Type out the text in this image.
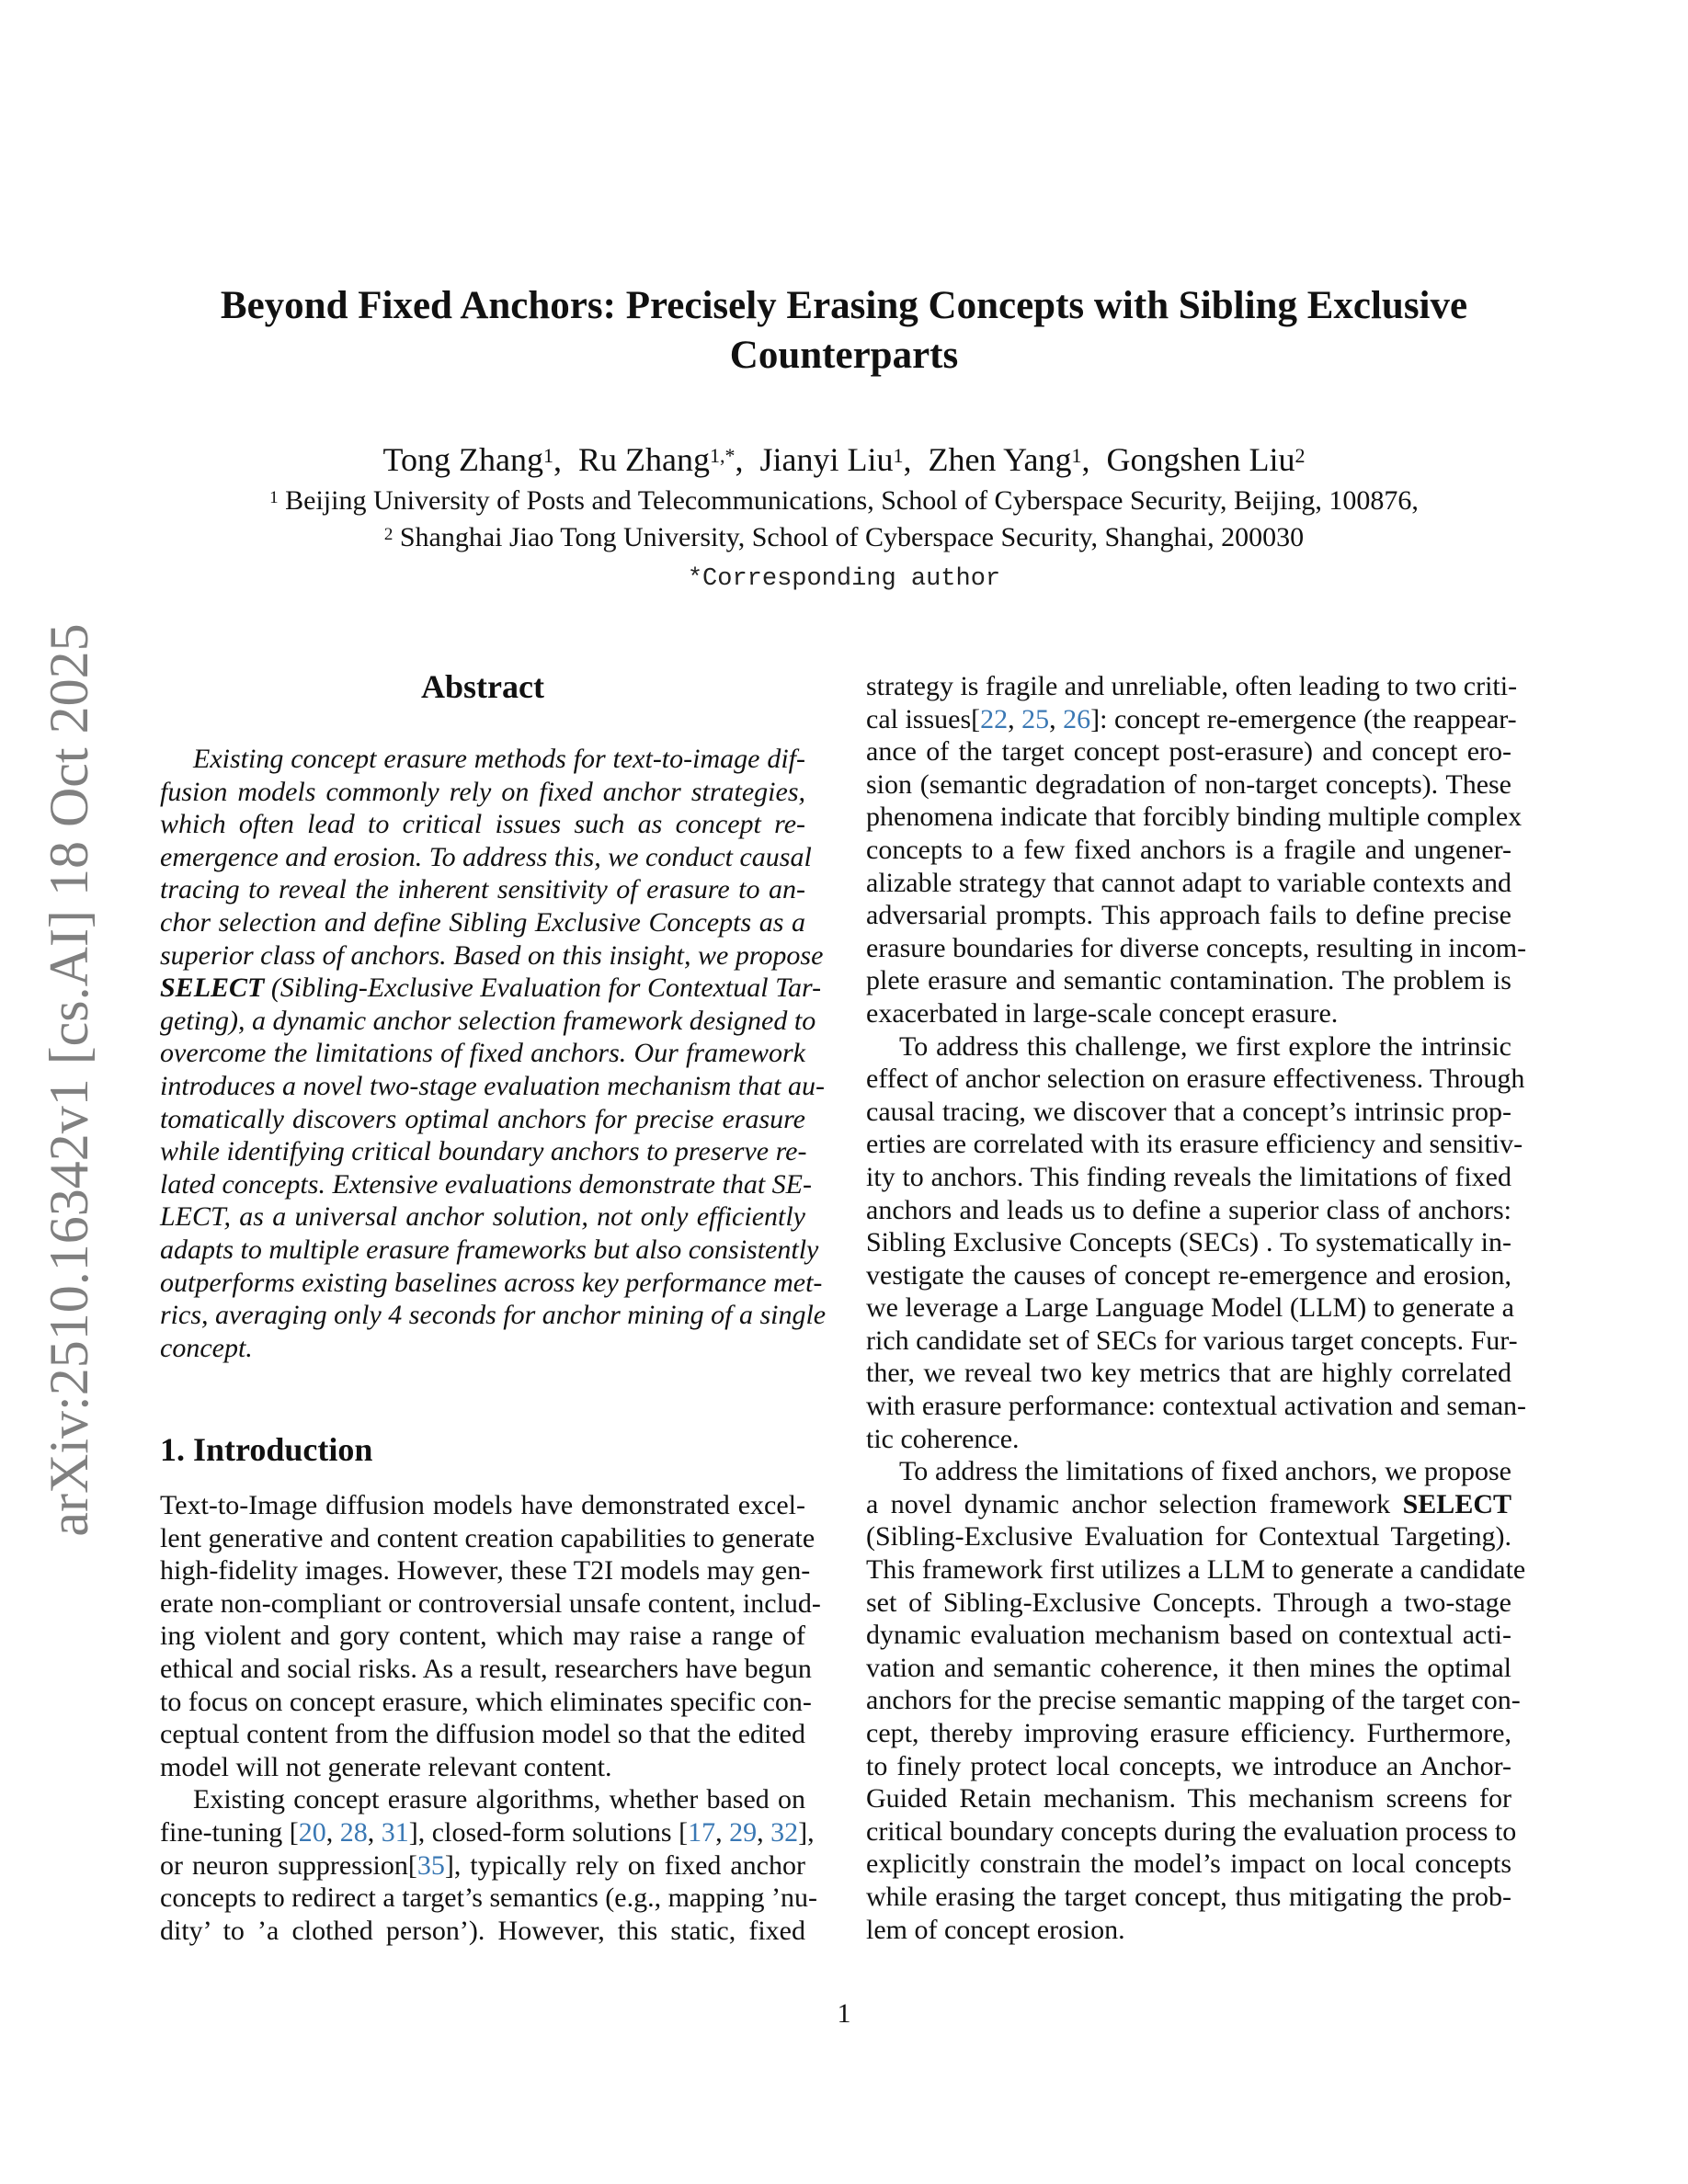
arXiv:2510.16342v1 [cs.AI] 18 Oct 2025
Beyond Fixed Anchors: Precisely Erasing Concepts with Sibling Exclusive
Counterparts
Tong Zhang$^1$,  Ru Zhang$^{1,*}$,  Jianyi Liu$^1$,  Zhen Yang$^1$,  Gongshen Liu$^2$
$^1$ Beijing University of Posts and Telecommunications, School of Cyberspace Security, Beijing, 100876,
$^2$ Shanghai Jiao Tong University, School of Cyberspace Security, Shanghai, 200030
*Corresponding author
Abstract
Existing concept erasure methods for text-to-image dif-
fusion models commonly rely on fixed anchor strategies,
which often lead to critical issues such as concept re-
emergence and erosion. To address this, we conduct causal
tracing to reveal the inherent sensitivity of erasure to an-
chor selection and define Sibling Exclusive Concepts as a
superior class of anchors. Based on this insight, we propose
SELECT (Sibling-Exclusive Evaluation for Contextual Tar-
geting), a dynamic anchor selection framework designed to
overcome the limitations of fixed anchors. Our framework
introduces a novel two-stage evaluation mechanism that au-
tomatically discovers optimal anchors for precise erasure
while identifying critical boundary anchors to preserve re-
lated concepts. Extensive evaluations demonstrate that SE-
LECT, as a universal anchor solution, not only efficiently
adapts to multiple erasure frameworks but also consistently
outperforms existing baselines across key performance met-
rics, averaging only 4 seconds for anchor mining of a single
concept.
1. Introduction
Text-to-Image diffusion models have demonstrated excel-
lent generative and content creation capabilities to generate
high-fidelity images. However, these T2I models may gen-
erate non-compliant or controversial unsafe content, includ-
ing violent and gory content, which may raise a range of
ethical and social risks. As a result, researchers have begun
to focus on concept erasure, which eliminates specific con-
ceptual content from the diffusion model so that the edited
model will not generate relevant content.
Existing concept erasure algorithms, whether based on
fine-tuning [20, 28, 31], closed-form solutions [17, 29, 32],
or neuron suppression[35], typically rely on fixed anchor
concepts to redirect a target’s semantics (e.g., mapping ’nu-
dity’ to ’a clothed person’). However, this static, fixed
strategy is fragile and unreliable, often leading to two criti-
cal issues[22, 25, 26]: concept re-emergence (the reappear-
ance of the target concept post-erasure) and concept ero-
sion (semantic degradation of non-target concepts). These
phenomena indicate that forcibly binding multiple complex
concepts to a few fixed anchors is a fragile and ungener-
alizable strategy that cannot adapt to variable contexts and
adversarial prompts. This approach fails to define precise
erasure boundaries for diverse concepts, resulting in incom-
plete erasure and semantic contamination. The problem is
exacerbated in large-scale concept erasure.
To address this challenge, we first explore the intrinsic
effect of anchor selection on erasure effectiveness. Through
causal tracing, we discover that a concept’s intrinsic prop-
erties are correlated with its erasure efficiency and sensitiv-
ity to anchors. This finding reveals the limitations of fixed
anchors and leads us to define a superior class of anchors:
Sibling Exclusive Concepts (SECs) . To systematically in-
vestigate the causes of concept re-emergence and erosion,
we leverage a Large Language Model (LLM) to generate a
rich candidate set of SECs for various target concepts. Fur-
ther, we reveal two key metrics that are highly correlated
with erasure performance: contextual activation and seman-
tic coherence.
To address the limitations of fixed anchors, we propose
a novel dynamic anchor selection framework SELECT
(Sibling-Exclusive Evaluation for Contextual Targeting).
This framework first utilizes a LLM to generate a candidate
set of Sibling-Exclusive Concepts. Through a two-stage
dynamic evaluation mechanism based on contextual acti-
vation and semantic coherence, it then mines the optimal
anchors for the precise semantic mapping of the target con-
cept, thereby improving erasure efficiency. Furthermore,
to finely protect local concepts, we introduce an Anchor-
Guided Retain mechanism. This mechanism screens for
critical boundary concepts during the evaluation process to
explicitly constrain the model’s impact on local concepts
while erasing the target concept, thus mitigating the prob-
lem of concept erosion.
1
